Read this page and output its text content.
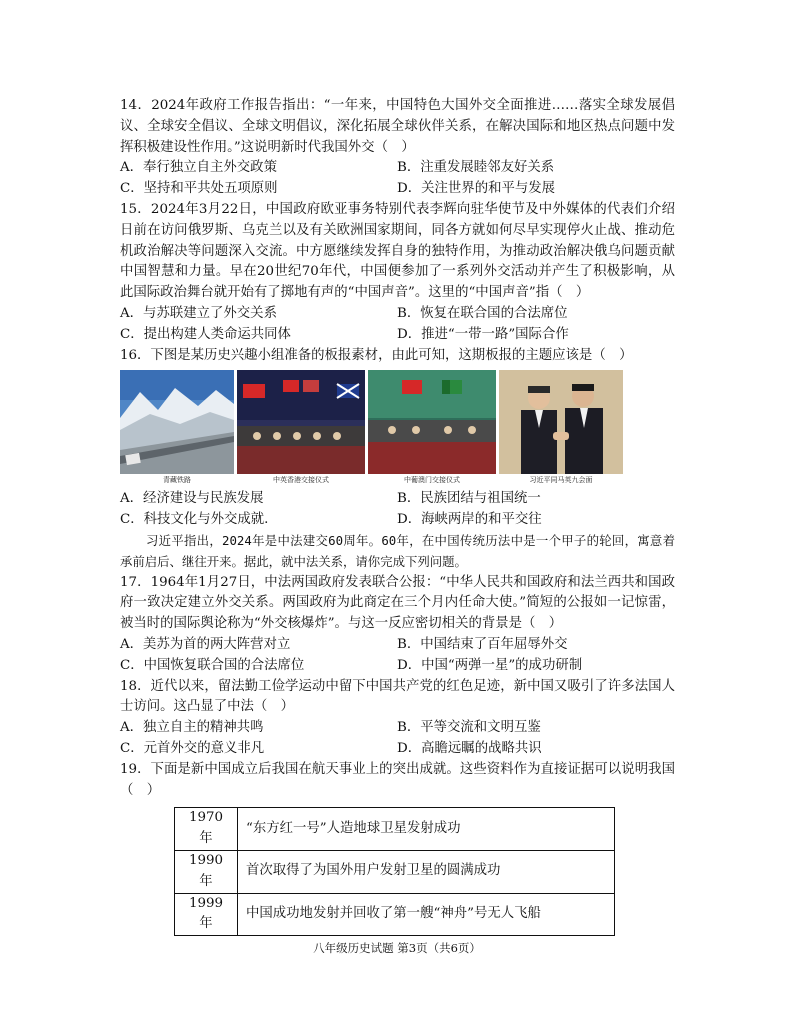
14．2024年政府工作报告指出：“一年来，中国特色大国外交全面推进……落实全球发展倡议、全球安全倡议、全球文明倡议，深化拓展全球伙伴关系，在解决国际和地区热点问题中发挥积极建设性作用。”这说明新时代我国外交（　）

A．奉行独立自主外交政策	B．注重发展睦邻友好关系
C．坚持和平共处五项原则	D．关注世界的和平与发展

15．2024年3月22日，中国政府欧亚事务特别代表李辉向驻华使节及中外媒体的代表们介绍日前在访问俄罗斯、乌克兰以及有关欧洲国家期间，同各方就如何尽早实现停火止战、推动危机政治解决等问题深入交流。中方愿继续发挥自身的独特作用，为推动政治解决俄乌问题贡献中国智慧和力量。早在20世纪70年代，中国便参加了一系列外交活动并产生了积极影响，从此国际政治舞台就开始有了掷地有声的“中国声音”。这里的“中国声音”指（　）

A．与苏联建立了外交关系	B．恢复在联合国的合法席位
C．提出构建人类命运共同体	D．推进“一带一路”国际合作

16．下图是某历史兴趣小组准备的板报素材，由此可知，这期板报的主题应该是（　）

青藏铁路	中英香港交接仪式	中葡澳门交接仪式	习近平同马英九会面
A．经济建设与民族发展	B．民族团结与祖国统一
C．科技文化与外交成就.	D．海峡两岸的和平交往

习近平指出，2024年是中法建交60周年。60年，在中国传统历法中是一个甲子的轮回，寓意着承前启后、继往开来。据此，就中法关系，请你完成下列问题。

17．1964年1月27日，中法两国政府发表联合公报：“中华人民共和国政府和法兰西共和国政府一致决定建立外交关系。两国政府为此商定在三个月内任命大使。”简短的公报如一记惊雷，被当时的国际舆论称为“外交核爆炸”。与这一反应密切相关的背景是（　）

A．美苏为首的两大阵营对立	B．中国结束了百年屈辱外交
C．中国恢复联合国的合法席位	D．中国“两弹一星”的成功研制

18．近代以来，留法勤工俭学运动中留下中国共产党的红色足迹，新中国又吸引了许多法国人士访问。这凸显了中法（　）

A．独立自主的精神共鸣	B．平等交流和文明互鉴
C．元首外交的意义非凡	D．高瞻远瞩的战略共识

19．下面是新中国成立后我国在航天事业上的突出成就。这些资料作为直接证据可以说明我国（　）

1970年	“东方红一号”人造地球卫星发射成功
1990年	首次取得了为国外用户发射卫星的圆满成功
1999年	中国成功地发射并回收了第一艘“神舟”号无人飞船
八年级历史试题 第3页（共6页）
